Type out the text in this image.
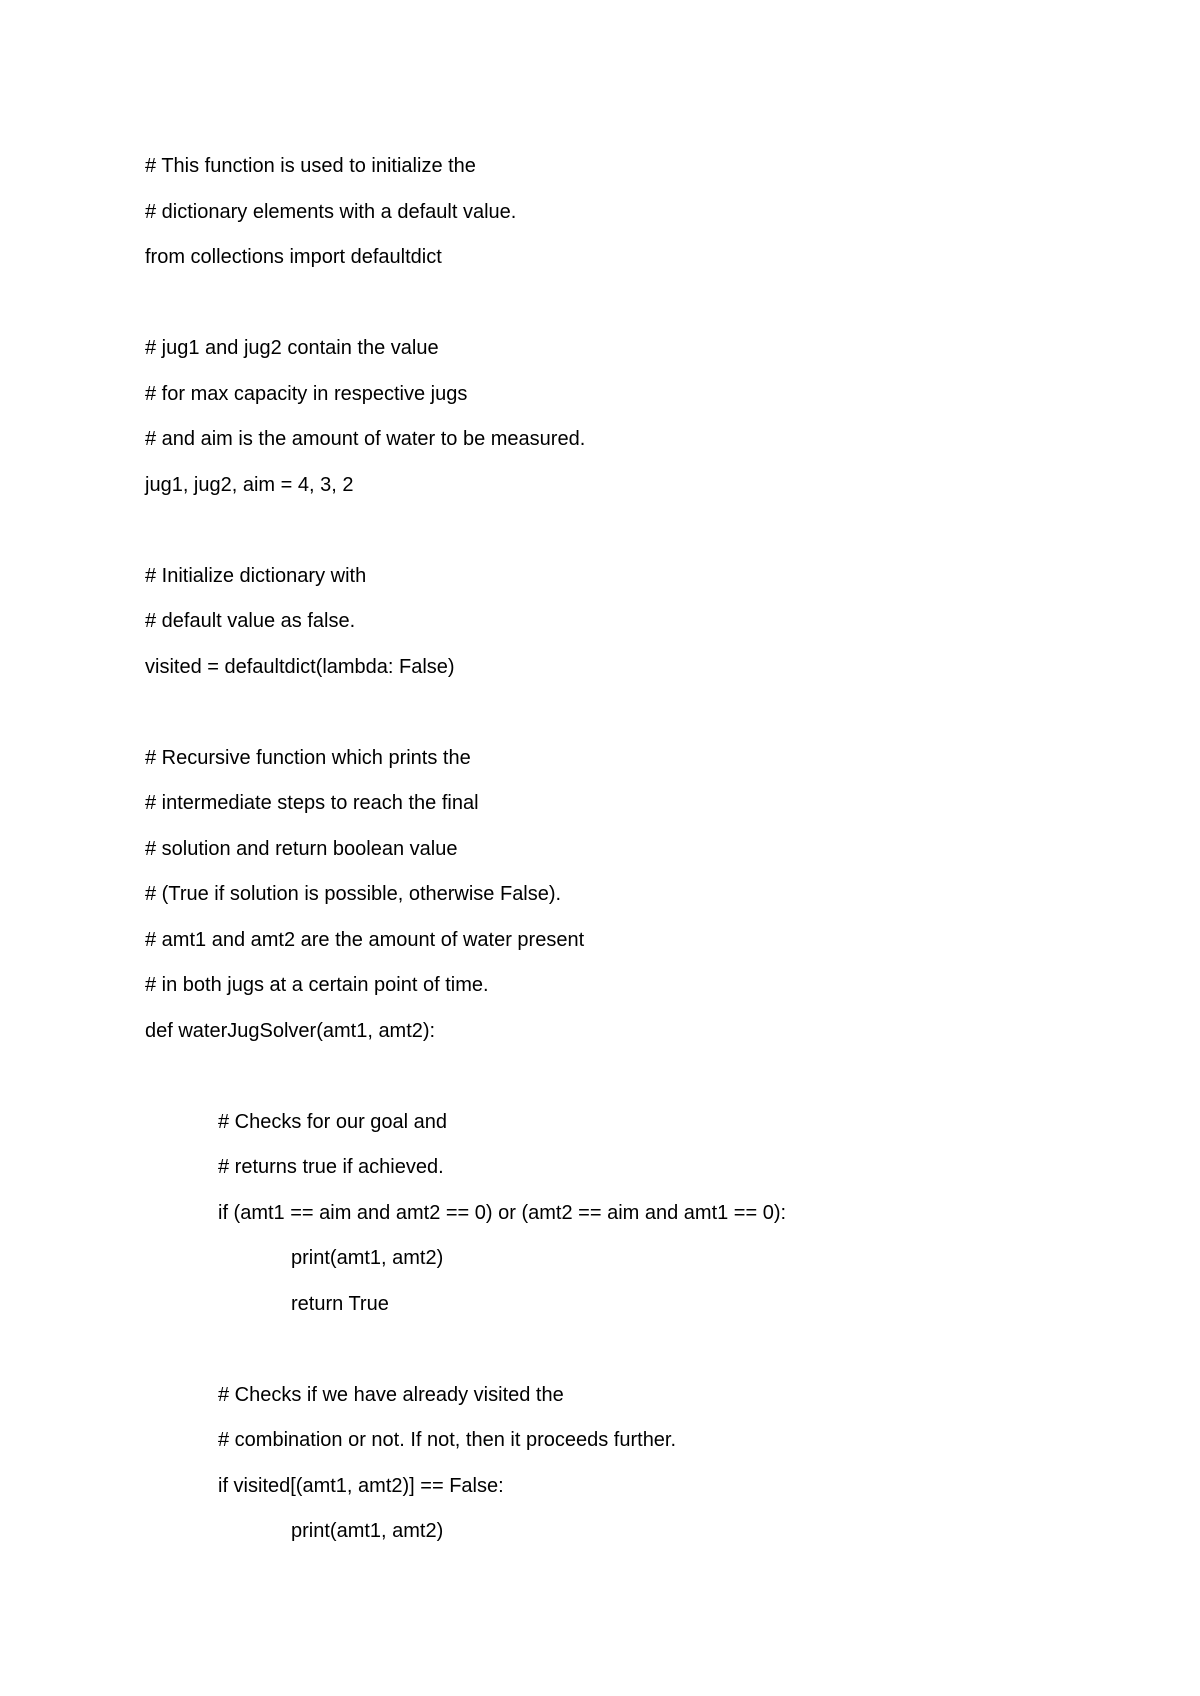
# This function is used to initialize the
# dictionary elements with a default value.
from collections import defaultdict
# jug1 and jug2 contain the value
# for max capacity in respective jugs
# and aim is the amount of water to be measured.
jug1, jug2, aim = 4, 3, 2
# Initialize dictionary with
# default value as false.
visited = defaultdict(lambda: False)
# Recursive function which prints the
# intermediate steps to reach the final
# solution and return boolean value
# (True if solution is possible, otherwise False).
# amt1 and amt2 are the amount of water present
# in both jugs at a certain point of time.
def waterJugSolver(amt1, amt2):
# Checks for our goal and
# returns true if achieved.
if (amt1 == aim and amt2 == 0) or (amt2 == aim and amt1 == 0):
print(amt1, amt2)
return True
# Checks if we have already visited the
# combination or not. If not, then it proceeds further.
if visited[(amt1, amt2)] == False:
print(amt1, amt2)
